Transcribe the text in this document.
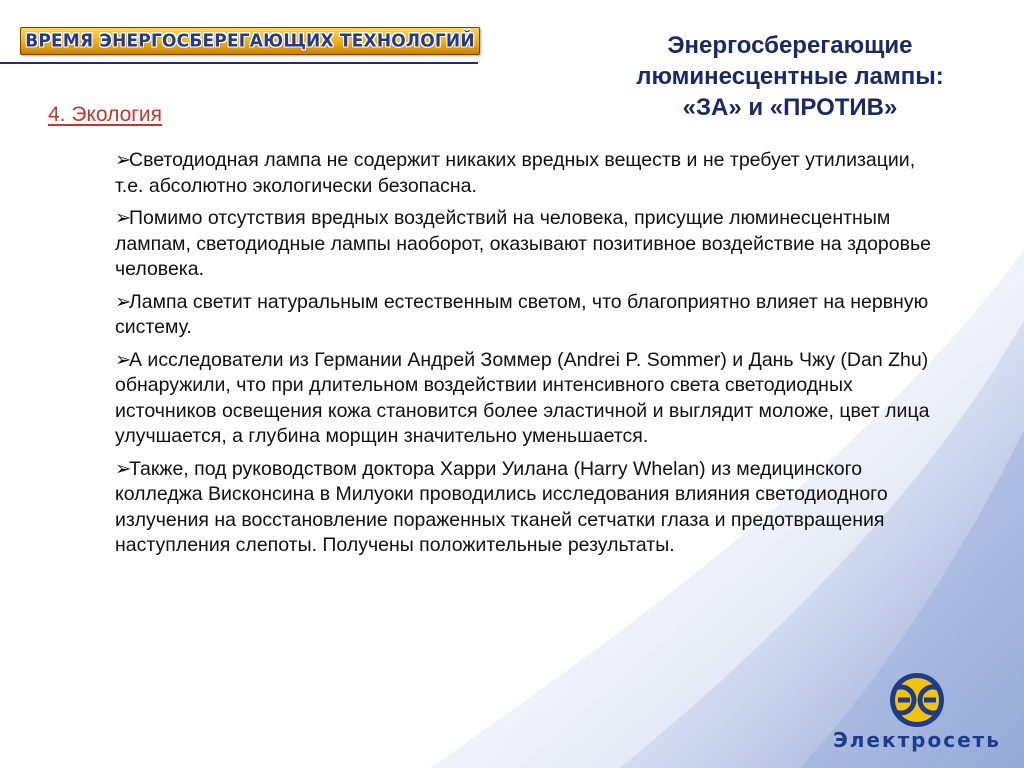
ВРЕМЯ ЭНЕРГОСБЕРЕГАЮЩИХ ТЕХНОЛОГИЙ	Энергосберегающие
люминесцентные лампы:
«ЗА» и «ПРОТИВ»
4. Экология
➢Светодиодная лампа не содержит никаких вредных веществ и не требует утилизации, т.е. абсолютно экологически безопасна.
➢Помимо отсутствия вредных воздействий на человека, присущие люминесцентным лампам, светодиодные лампы наоборот, оказывают позитивное воздействие на здоровье человека.
➢Лампа светит натуральным естественным светом, что благоприятно влияет на нервную систему.
➢А исследователи из Германии Андрей Зоммер (Andrei P. Sommer) и Дань Чжу (Dan Zhu) обнаружили, что при длительном воздействии интенсивного света светодиодных источников освещения кожа становится более эластичной и выглядит моложе, цвет лица улучшается, а глубина морщин значительно уменьшается.
➢Также, под руководством доктора Харри Уилана (Harry Whelan) из медицинского колледжа Висконсина в Милуоки проводились исследования влияния светодиодного излучения на восстановление пораженных тканей сетчатки глаза и предотвращения наступления слепоты. Получены положительные результаты.
Электросеть
